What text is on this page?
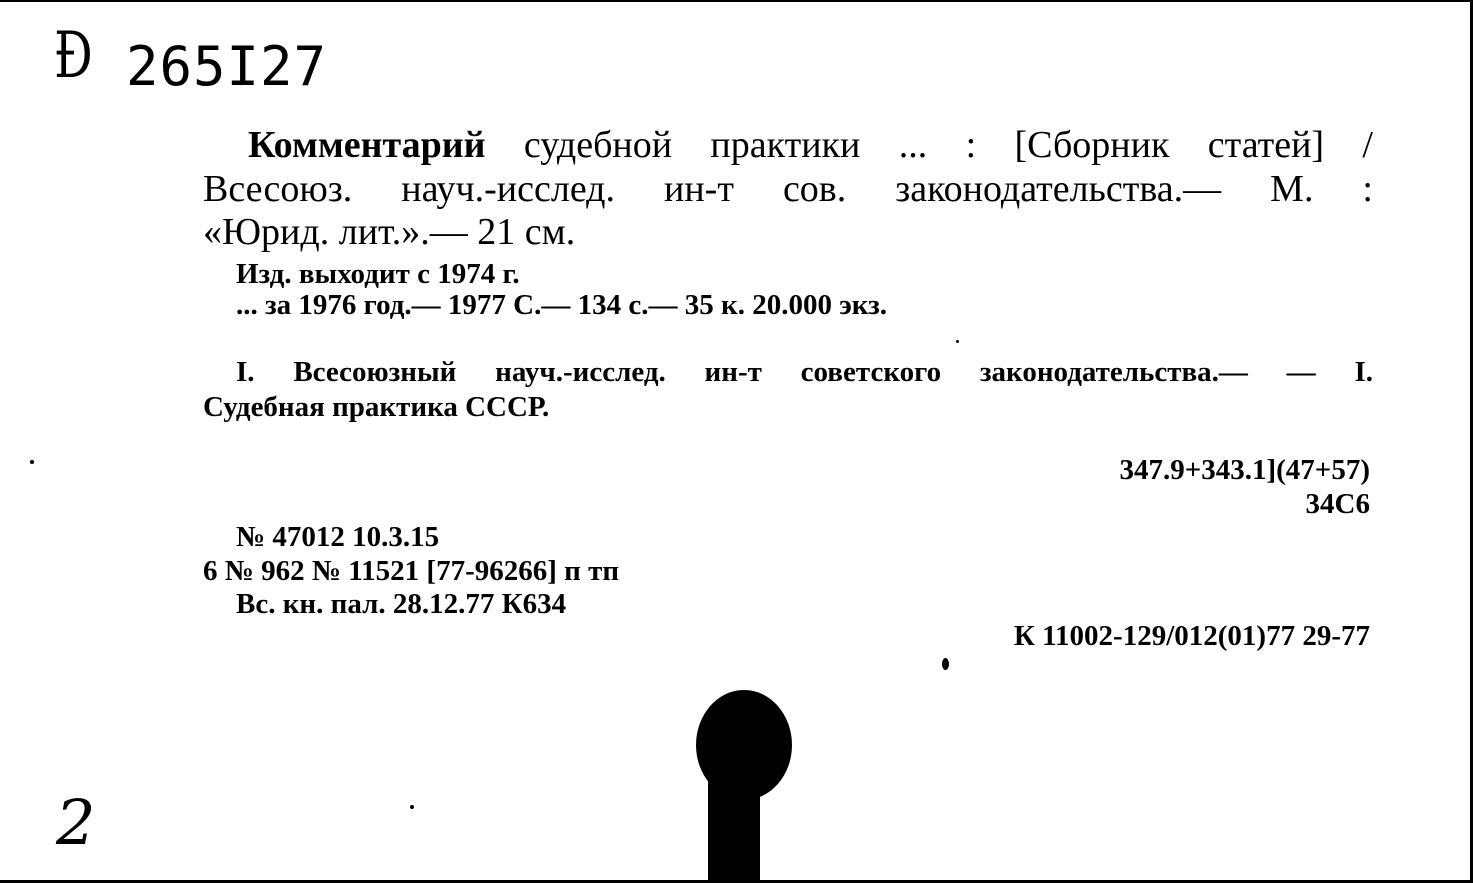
Ɖ 265I27
Комментарий судебной практики ... : [Сборник статей] /
Всесоюз. науч.-исслед. ин-т сов. законодательства.— М. :
«Юрид. лит.».— 21 см.
Изд. выходит с 1974 г.
... за 1976 год.— 1977 С.— 134 с.— 35 к. 20.000 экз.
I. Всесоюзный науч.-исслед. ин-т советского законодательства.— — I.
Судебная практика СССР.
347.9+343.1](47+57)
34С6
№ 47012 10.3.15
6 № 962 № 11521 [77-96266] п тп
Вс. кн. пал. 28.12.77 К634
К 11002-129/012(01)77 29-77
2
